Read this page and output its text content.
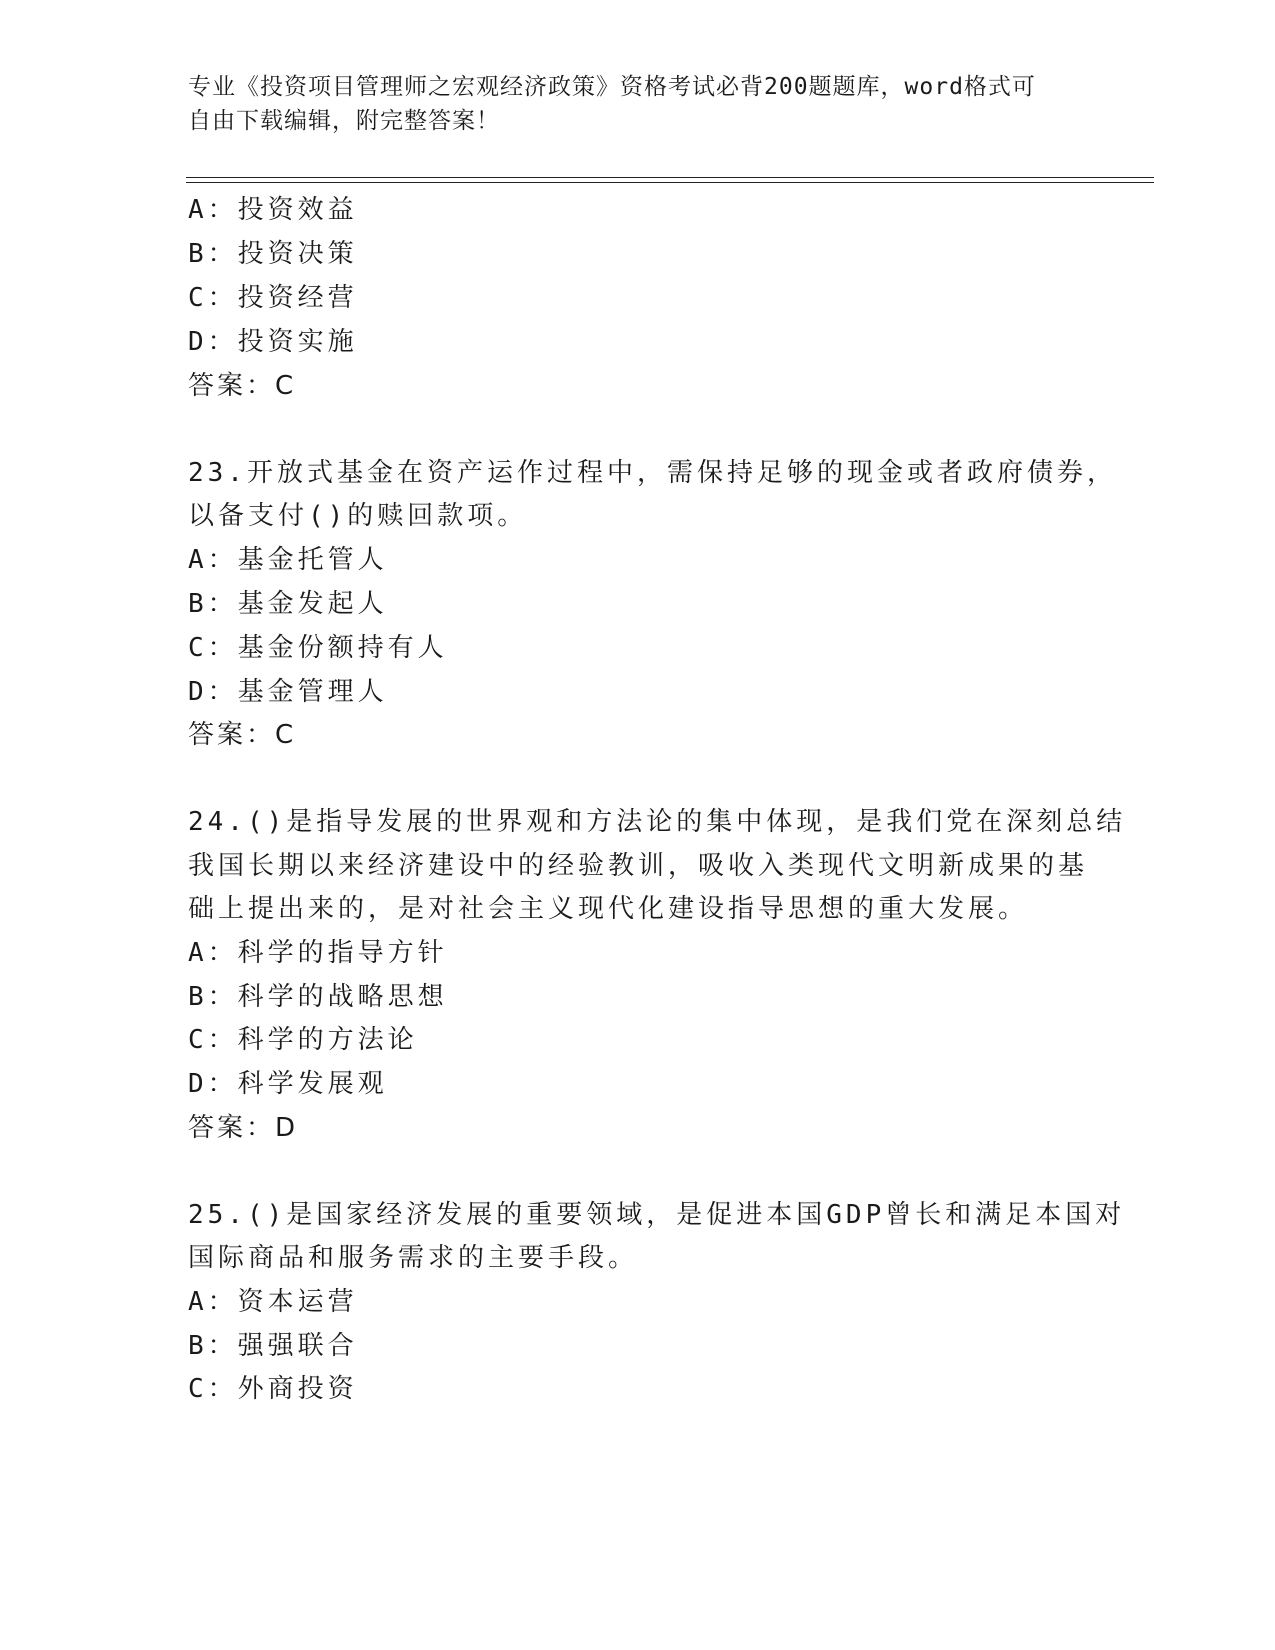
专业《投资项目管理师之宏观经济政策》资格考试必背200题题库，word格式可
自由下载编辑，附完整答案！
A：投资效益
B：投资决策
C：投资经营
D：投资实施
答案：C
23.开放式基金在资产运作过程中，需保持足够的现金或者政府债券，
以备支付()的赎回款项。
A：基金托管人
B：基金发起人
C：基金份额持有人
D：基金管理人
答案：C
24.()是指导发展的世界观和方法论的集中体现，是我们党在深刻总结
我国长期以来经济建设中的经验教训，吸收入类现代文明新成果的基
础上提出来的，是对社会主义现代化建设指导思想的重大发展。
A：科学的指导方针
B：科学的战略思想
C：科学的方法论
D：科学发展观
答案：D
25.()是国家经济发展的重要领域，是促进本国GDP曾长和满足本国对
国际商品和服务需求的主要手段。
A：资本运营
B：强强联合
C：外商投资
